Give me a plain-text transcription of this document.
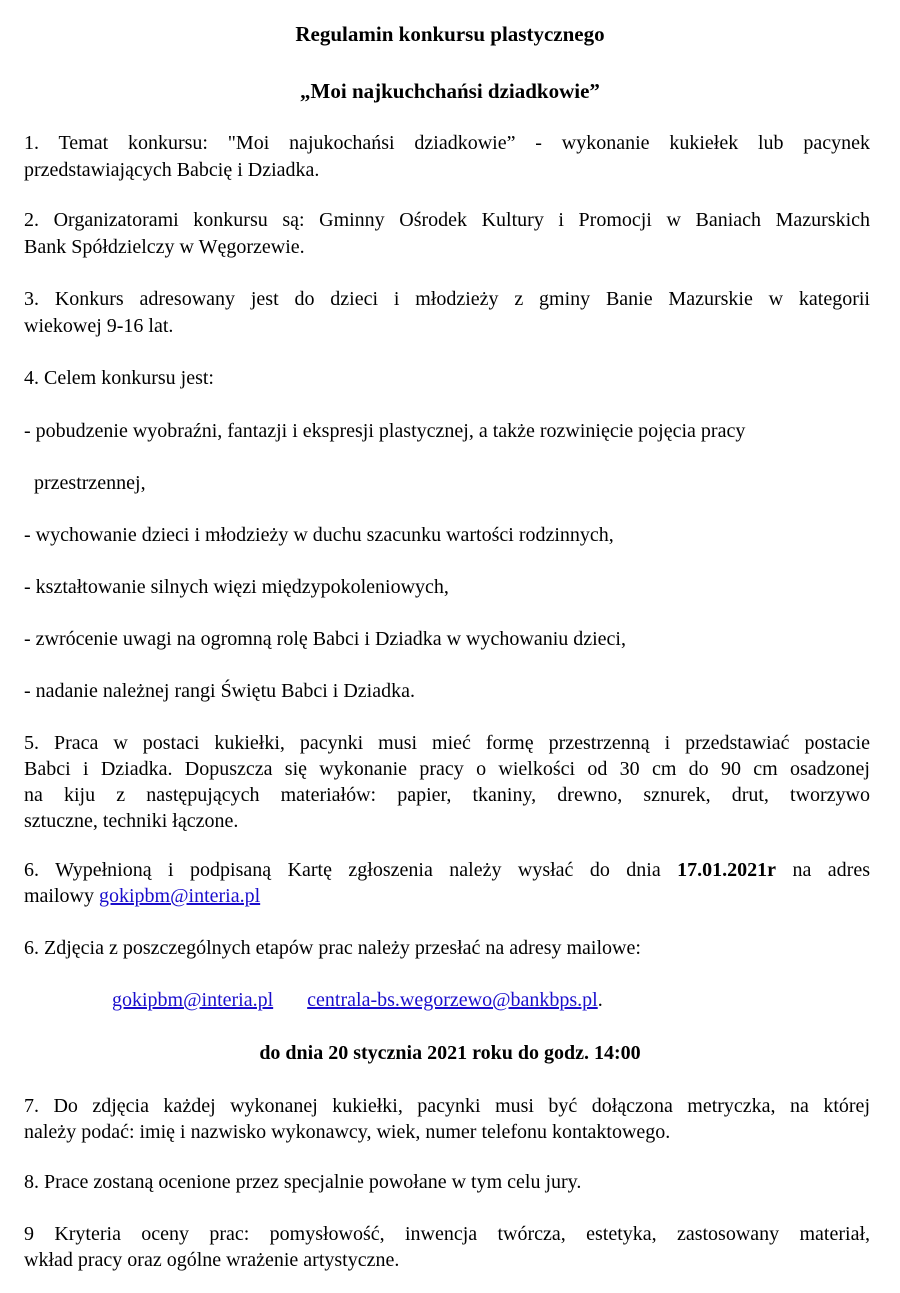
Regulamin konkursu plastycznego

„Moi najkuchchańsi dziadkowie”

1. Temat konkursu: "Moi najukochańsi dziadkowie” - wykonanie kukiełek lub pacynek

przedstawiających Babcię i Dziadka.

2. Organizatorami konkursu są: Gminny Ośrodek Kultury i Promocji w Baniach Mazurskich

Bank Spółdzielczy w Węgorzewie.

3. Konkurs adresowany jest do dzieci i młodzieży z gminy Banie Mazurskie w kategorii

wiekowej 9-16 lat.

4. Celem konkursu jest:

- pobudzenie wyobraźni, fantazji i ekspresji plastycznej, a także rozwinięcie pojęcia pracy

przestrzennej,

- wychowanie dzieci i młodzieży w duchu szacunku wartości rodzinnych,

- kształtowanie silnych więzi międzypokoleniowych,

- zwrócenie uwagi na ogromną rolę Babci i Dziadka w wychowaniu dzieci,

- nadanie należnej rangi Świętu Babci i Dziadka.

5. Praca w postaci kukiełki, pacynki musi mieć formę przestrzenną i przedstawiać postacie

Babci i Dziadka. Dopuszcza się wykonanie pracy o wielkości od 30 cm do 90 cm osadzonej

na kiju z następujących materiałów: papier, tkaniny, drewno, sznurek, drut, tworzywo

sztuczne, techniki łączone.

6. Wypełnioną i podpisaną Kartę zgłoszenia należy wysłać do dnia 17.01.2021r na adres

mailowy gokipbm@interia.pl

6. Zdjęcia z poszczególnych etapów prac należy przesłać na adresy mailowe:

gokipbm@interia.pl centrala-bs.wegorzewo@bankbps.pl.

do dnia 20 stycznia 2021 roku do godz. 14:00

7. Do zdjęcia każdej wykonanej kukiełki, pacynki musi być dołączona metryczka, na której

należy podać: imię i nazwisko wykonawcy, wiek, numer telefonu kontaktowego.

8. Prace zostaną ocenione przez specjalnie powołane w tym celu jury.

9 Kryteria oceny prac: pomysłowość, inwencja twórcza, estetyka, zastosowany materiał,

wkład pracy oraz ogólne wrażenie artystyczne.
